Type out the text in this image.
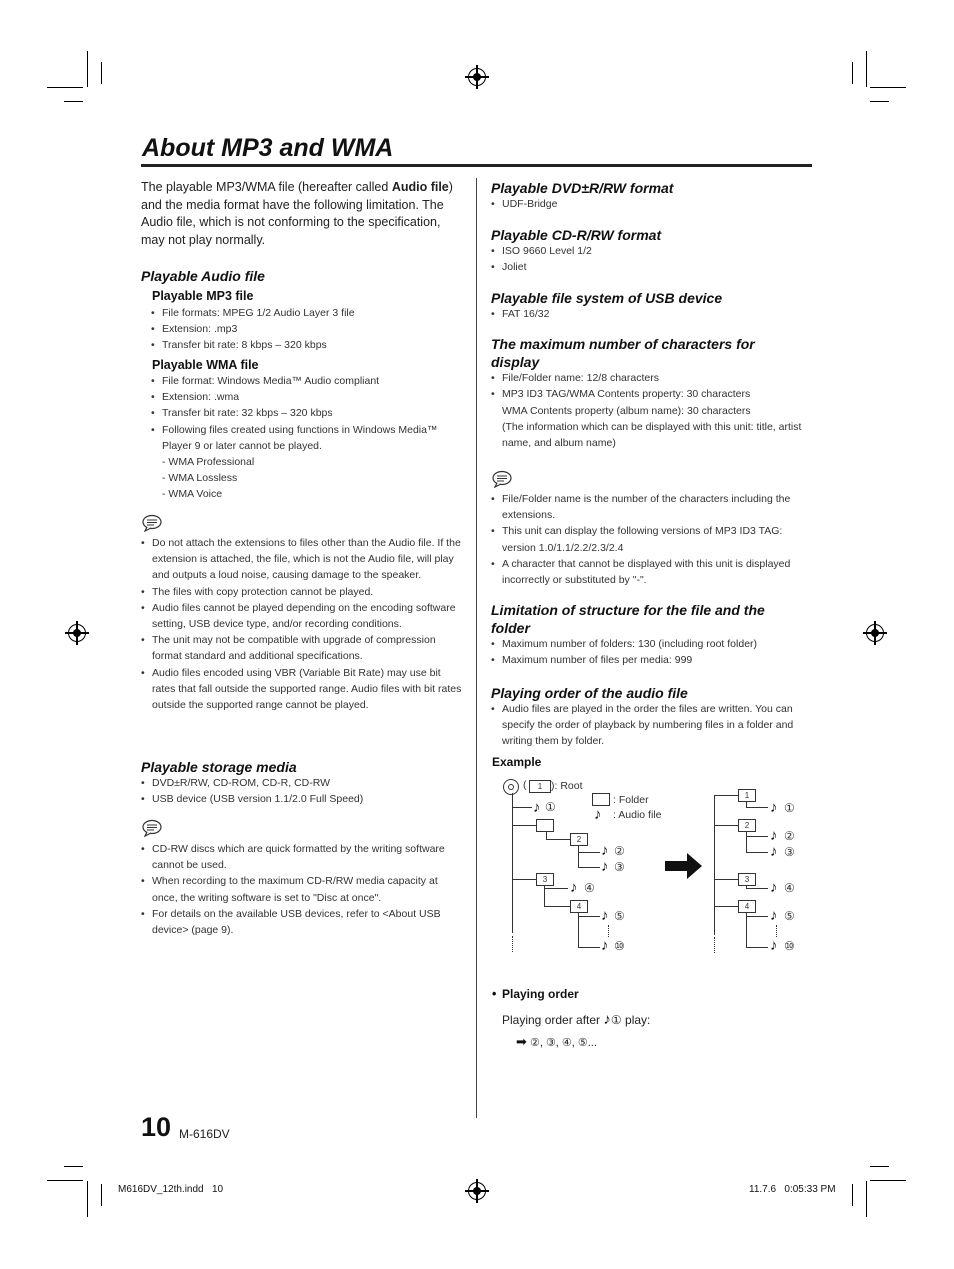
About MP3 and WMA
The playable MP3/WMA file (hereafter called Audio file) and the media format have the following limitation. The Audio file, which is not conforming to the specification, may not play normally.
Playable Audio file
Playable MP3 file
• File formats: MPEG 1/2 Audio Layer 3 file
• Extension: .mp3
• Transfer bit rate: 8 kbps – 320 kbps
Playable WMA file
• File format: Windows Media™ Audio compliant
• Extension: .wma
• Transfer bit rate: 32 kbps – 320 kbps
• Following files created using functions in Windows Media™ Player 9 or later cannot be played.
- WMA Professional
- WMA Lossless
- WMA Voice
• Do not attach the extensions to files other than the Audio file. If the extension is attached, the file, which is not the Audio file, will play and outputs a loud noise, causing damage to the speaker.
• The files with copy protection cannot be played.
• Audio files cannot be played depending on the encoding software setting, USB device type, and/or recording conditions.
• The unit may not be compatible with upgrade of compression format standard and additional specifications.
• Audio files encoded using VBR (Variable Bit Rate) may use bit rates that fall outside the supported range. Audio files with bit rates outside the supported range cannot be played.
Playable storage media
• DVD±R/RW, CD-ROM, CD-R, CD-RW
• USB device (USB version 1.1/2.0 Full Speed)
• CD-RW discs which are quick formatted by the writing software cannot be used.
• When recording to the maximum CD-R/RW media capacity at once, the writing software is set to "Disc at once".
• For details on the available USB devices, refer to <About USB device> (page 9).
Playable DVD±R/RW format
• UDF-Bridge
Playable CD-R/RW format
• ISO 9660 Level 1/2
• Joliet
Playable file system of USB device
• FAT 16/32
The maximum number of characters for display
• File/Folder name: 12/8 characters
• MP3 ID3 TAG/WMA Contents property: 30 characters
WMA Contents property (album name): 30 characters
(The information which can be displayed with this unit: title, artist name, and album name)
• File/Folder name is the number of the characters including the extensions.
• This unit can display the following versions of MP3 ID3 TAG: version 1.0/1.1/2.2/2.3/2.4
• A character that cannot be displayed with this unit is displayed incorrectly or substituted by "-".
Limitation of structure for the file and the folder
• Maximum number of folders: 130 (including root folder)
• Maximum number of files per media: 999
Playing order of the audio file
• Audio files are played in the order the files are written. You can specify the order of playback by numbering files in a folder and writing them by folder.
Example
(	1 ): Root
: Folder
♪ : Audio file
♪ ①
2
♪ ②
♪ ③
3	♪ ④
4
♪ ⑤
♪ ⑩
1
♪ ①
2
♪ ②
♪ ③
3	♪ ④
4
♪ ⑤
♪ ⑩
• Playing order
Playing order after ♪① play:
➡ ②, ③, ④, ⑤...
10 M-616DV
M616DV_12th.indd   10	11.7.6   0:05:33 PM
